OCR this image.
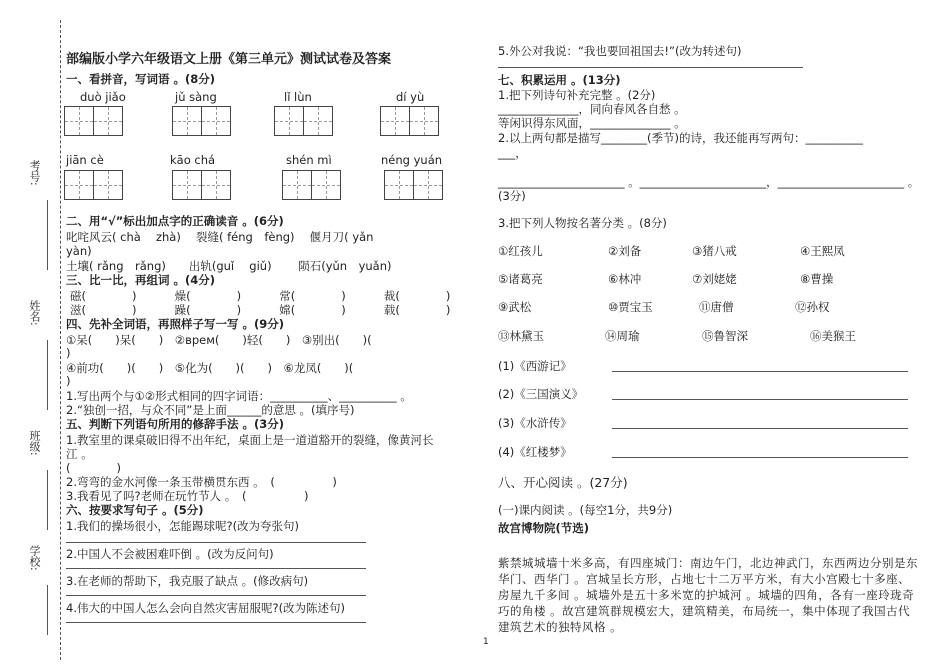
考号:
姓名:
班级:
学校:
部编版小学六年级语文上册《第三单元》测试试卷及答案
一、看拼音，写词语 。(8分)
duò jiǎo	jǔ sàng	lǐ lùn	dí yù
jiān cè	kāo chá	shén mì	néng yuán
二、用“√”标出加点字的正确读音 。(6分)
叱咤风云( chà　 zhà)　 裂缝( féng　fèng)　 偃月刀( yǎn
yàn)
土壤( rǎng　rǎng)　　出轨(guǐ　 giǔ)　　 陨石(yǔn　yuǎn)
三、比一比，再组词 。(4分)
磁(　　　　)　　　 燥(　　　　)　　　 常(　　　　)　　　 裁(　　　　)
滋(　　　　)　　　 躁(　　　　)　　　 嫦(　　　　)　　　 载(　　　　)
四、先补全词语，再照样子写一写 。(9分)
①呆(　　)呆(　　)　②врем(　　)轻(　　)　③别出(　　)(　　
)
④前功(　　)(　　)　⑤化为(　　)(　　)　⑥龙凤(　　)(　　
)
1.写出两个与①②形式相同的四字词语：__________、__________ 。
2.“独创一招，与众不同”是上面______的意思 。(填序号)
五、判断下列语句所用的修辞手法 。(3分)
1.教室里的课桌破旧得不出年纪，桌面上是一道道豁开的裂缝，像黄河长
江 。
(　　　　)
2.弯弯的金水河像一条玉带横贯东西 。　(　　　　　)
3.我看见了吗?老师在玩竹节人 。　(　　　　　)
六、按要求写句子 。(5分)
1.我们的操场很小，怎能踢球呢?(改为夸张句)
2.中国人不会被困难吓倒 。(改为反问句)
3.在老师的帮助下，我克服了缺点 。(修改病句)
4.伟大的中国人怎么会向自然灾害屈服呢?(改为陈述句)
1
5.外公对我说：“我也要回祖国去!”(改为转述句)
七、积累运用 。(13分)
1.把下列诗句补充完整 。(2分)
______________，同向春风各自愁 。
等闲识得东风面，______________ 。
2.以上两句都是描写________(季节)的诗，我还能再写两句：__________
___，
______________________ 。______________________，______________________ 。
(3分)
3.把下列人物按名著分类 。(8分)
①红孩儿	②刘备	③猪八戒	④王熙凤
⑤诸葛亮	⑥林冲	⑦刘姥姥	⑧曹操
⑨武松	⑩贾宝玉	⑪唐僧	⑫孙权
⑬林黛玉	⑭周瑜	⑮鲁智深	⑯美猴王
(1)《西游记》
(2)《三国演义》
(3)《水浒传》
(4)《红楼梦》
八、开心阅读 。(27分)
(一)课内阅读 。(每空1分，共9分)
故宫博物院(节选)
紫禁城城墙十米多高，有四座城门：南边午门，北边神武门，东西两边分别是东华门、西华门 。宫城呈长方形，占地七十二万平方米，有大小宫殿七十多座、房屋九千多间 。城墙外是五十多米宽的护城河 。城墙的四角，各有一座玲珑奇巧的角楼 。故宫建筑群规模宏大，建筑精美，布局统一，集中体现了我国古代建筑艺术的独特风格 。
